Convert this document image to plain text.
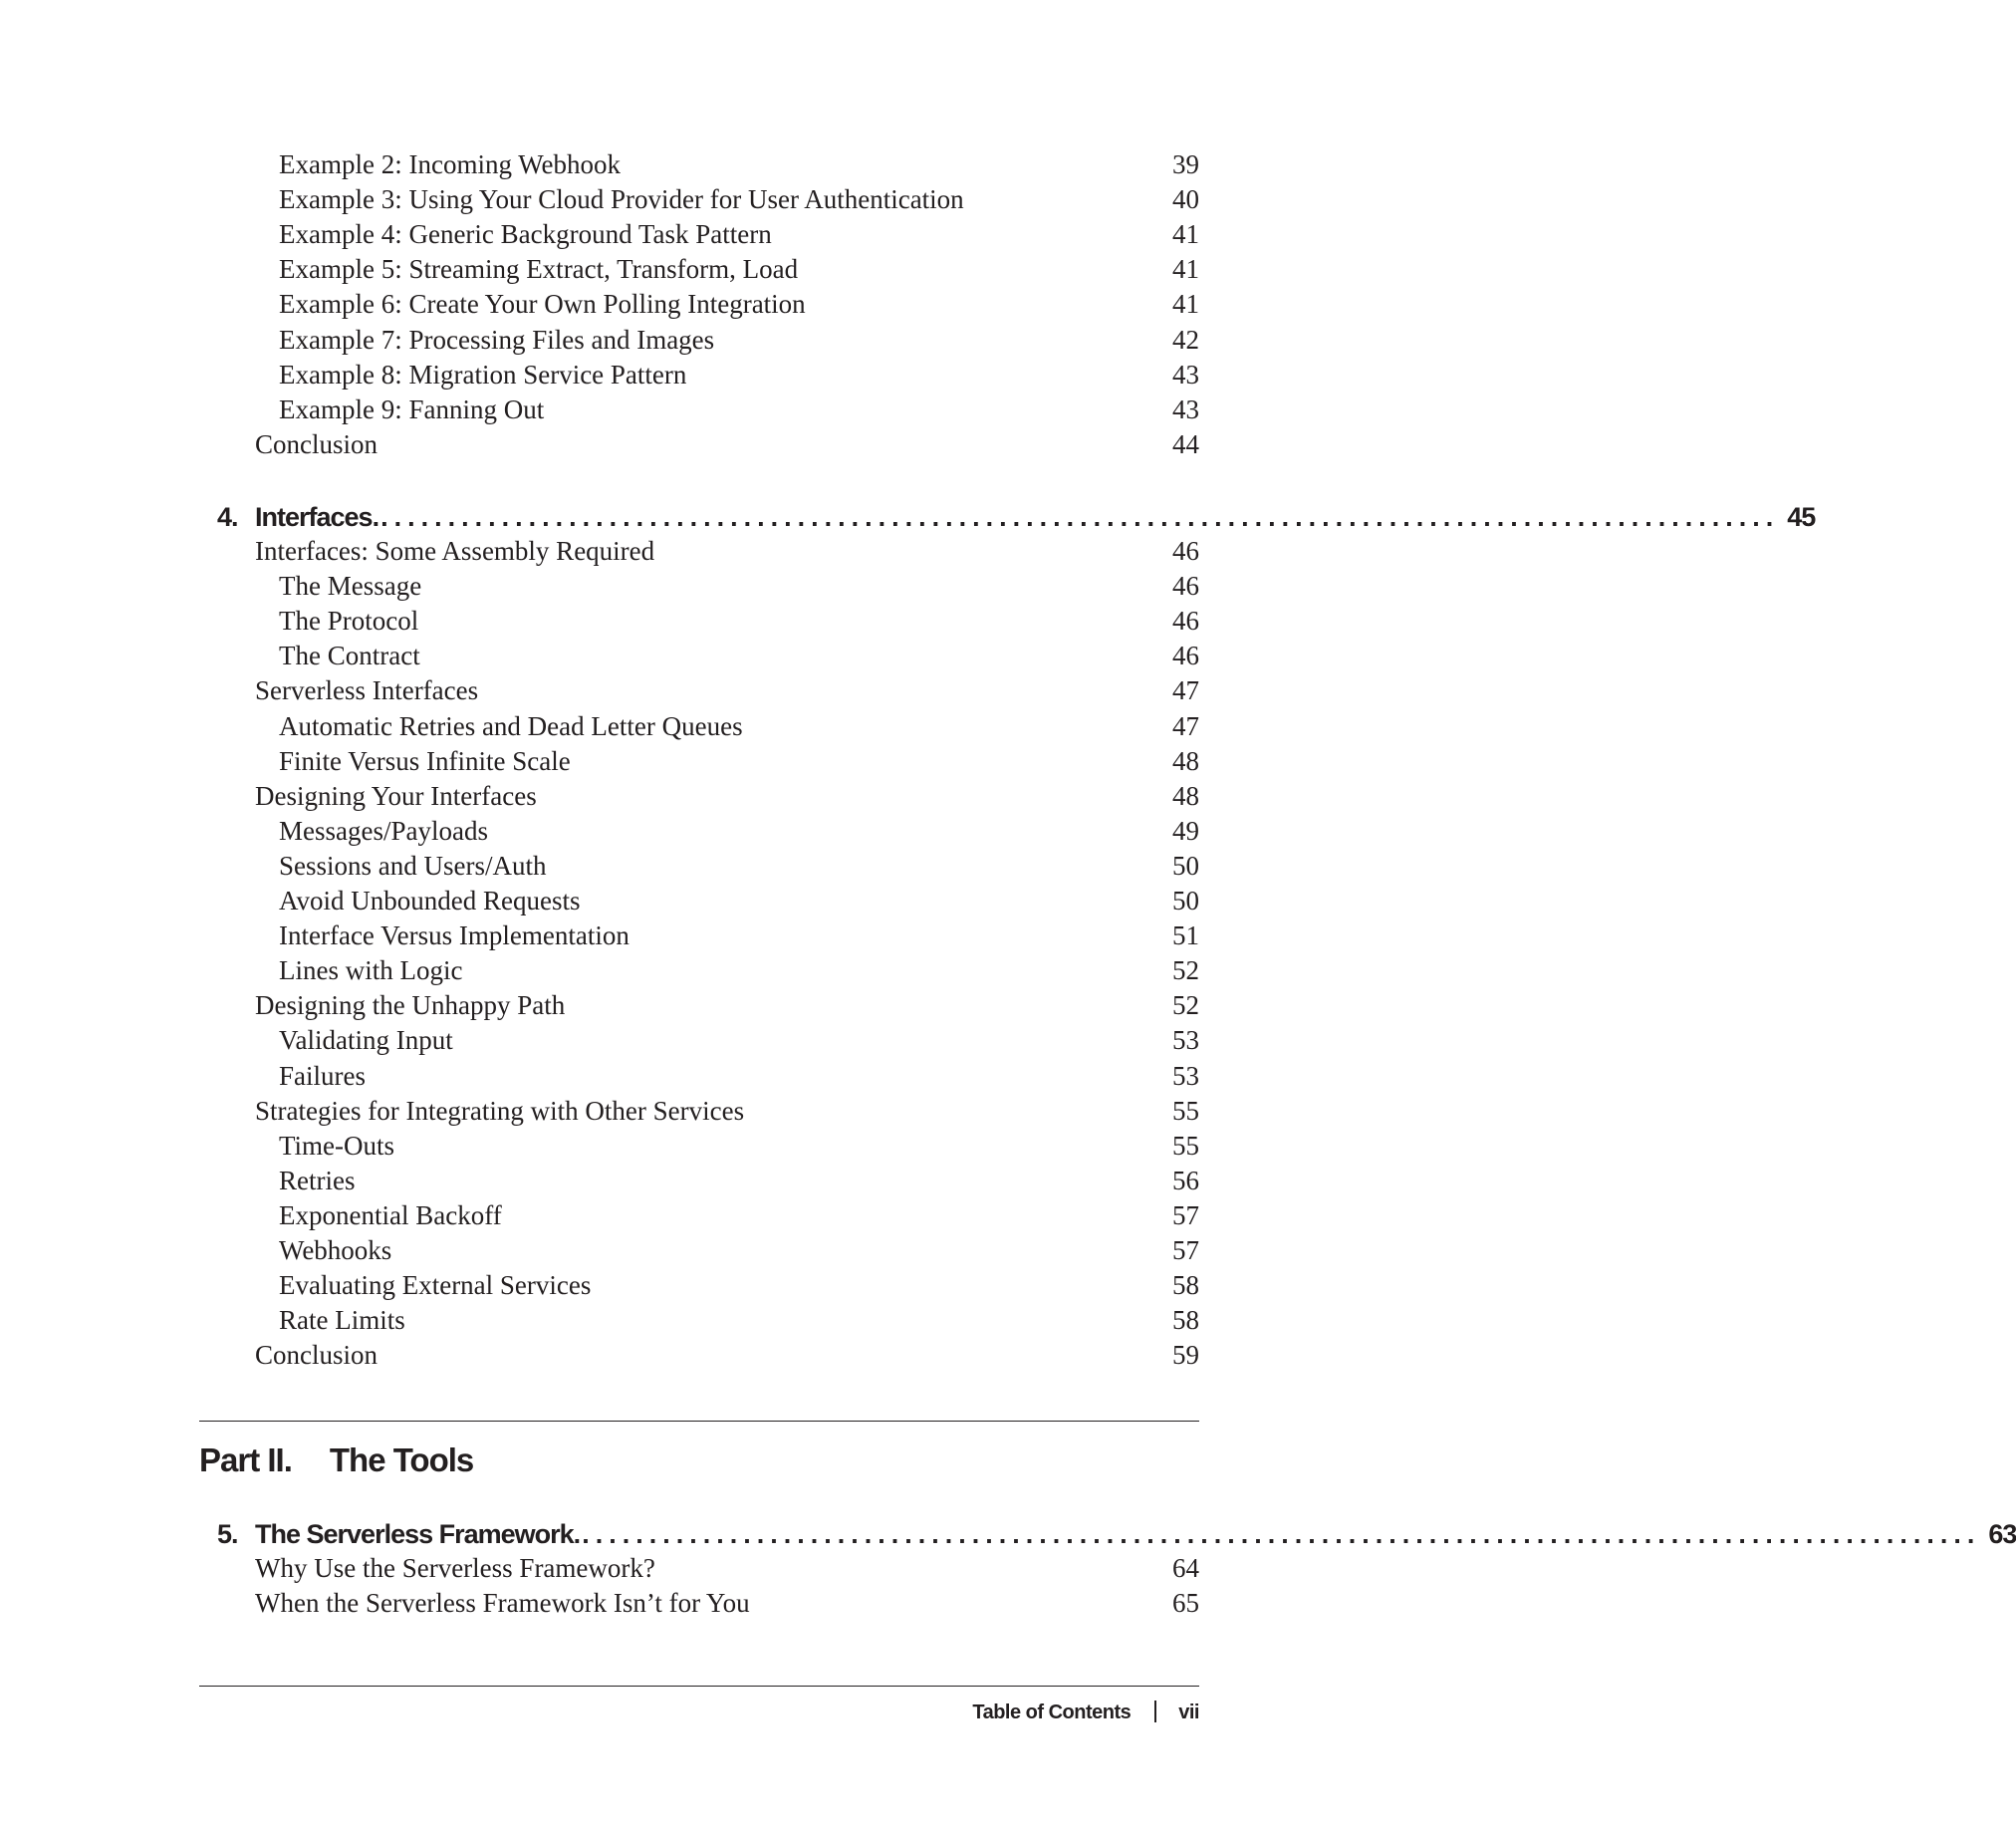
Example 2: Incoming Webhook	39
Example 3: Using Your Cloud Provider for User Authentication	40
Example 4: Generic Background Task Pattern	41
Example 5: Streaming Extract, Transform, Load	41
Example 6: Create Your Own Polling Integration	41
Example 7: Processing Files and Images	42
Example 8: Migration Service Pattern	43
Example 9: Fanning Out	43
Conclusion	44
4. Interfaces. ........................................................................................................ 45
Interfaces: Some Assembly Required	46
The Message	46
The Protocol	46
The Contract	46
Serverless Interfaces	47
Automatic Retries and Dead Letter Queues	47
Finite Versus Infinite Scale	48
Designing Your Interfaces	48
Messages/Payloads	49
Sessions and Users/Auth	50
Avoid Unbounded Requests	50
Interface Versus Implementation	51
Lines with Logic	52
Designing the Unhappy Path	52
Validating Input	53
Failures	53
Strategies for Integrating with Other Services	55
Time-Outs	55
Retries	56
Exponential Backoff	57
Webhooks	57
Evaluating External Services	58
Rate Limits	58
Conclusion	59
Part II. The Tools
5. The Serverless Framework. ........................................................................................................ 63
Why Use the Serverless Framework?	64
When the Serverless Framework Isn’t for You	65
Table of Contents vii
